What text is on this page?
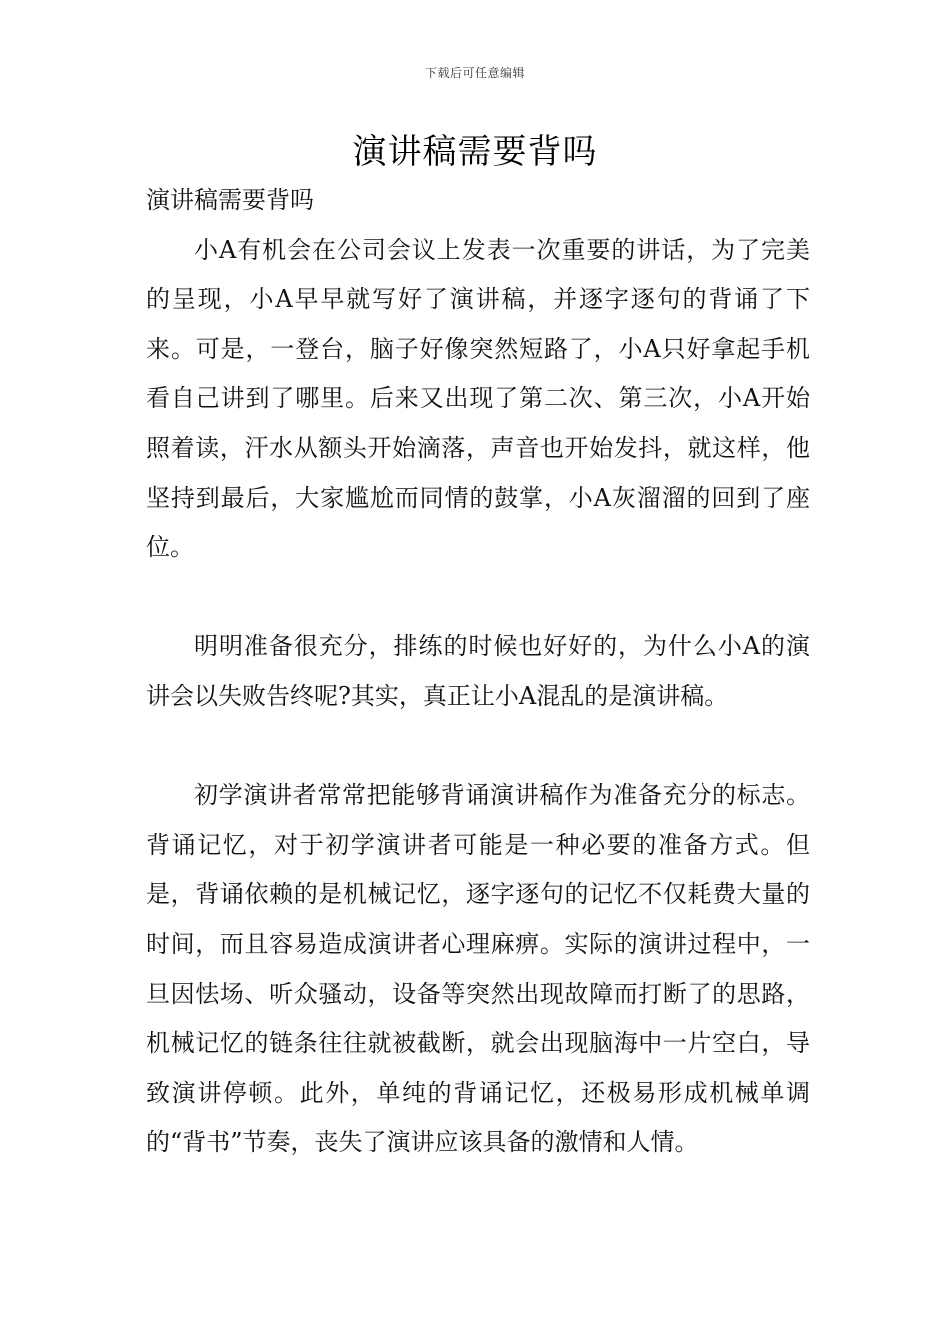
下载后可任意编辑
演讲稿需要背吗

演讲稿需要背吗

小A有机会在公司会议上发表一次重要的讲话，为了完美的呈现，小A早早就写好了演讲稿，并逐字逐句的背诵了下来。可是，一登台，脑子好像突然短路了，小A只好拿起手机看自己讲到了哪里。后来又出现了第二次、第三次，小A开始照着读，汗水从额头开始滴落，声音也开始发抖，就这样，他坚持到最后，大家尴尬而同情的鼓掌，小A灰溜溜的回到了座位。

明明准备很充分，排练的时候也好好的，为什么小A的演讲会以失败告终呢?其实，真正让小A混乱的是演讲稿。

初学演讲者常常把能够背诵演讲稿作为准备充分的标志。背诵记忆，对于初学演讲者可能是一种必要的准备方式。但是，背诵依赖的是机械记忆，逐字逐句的记忆不仅耗费大量的时间，而且容易造成演讲者心理麻痹。实际的演讲过程中，一旦因怯场、听众骚动，设备等突然出现故障而打断了的思路，机械记忆的链条往往就被截断，就会出现脑海中一片空白，导致演讲停顿。此外，单纯的背诵记忆，还极易形成机械单调的“背书”节奏，丧失了演讲应该具备的激情和人情。
